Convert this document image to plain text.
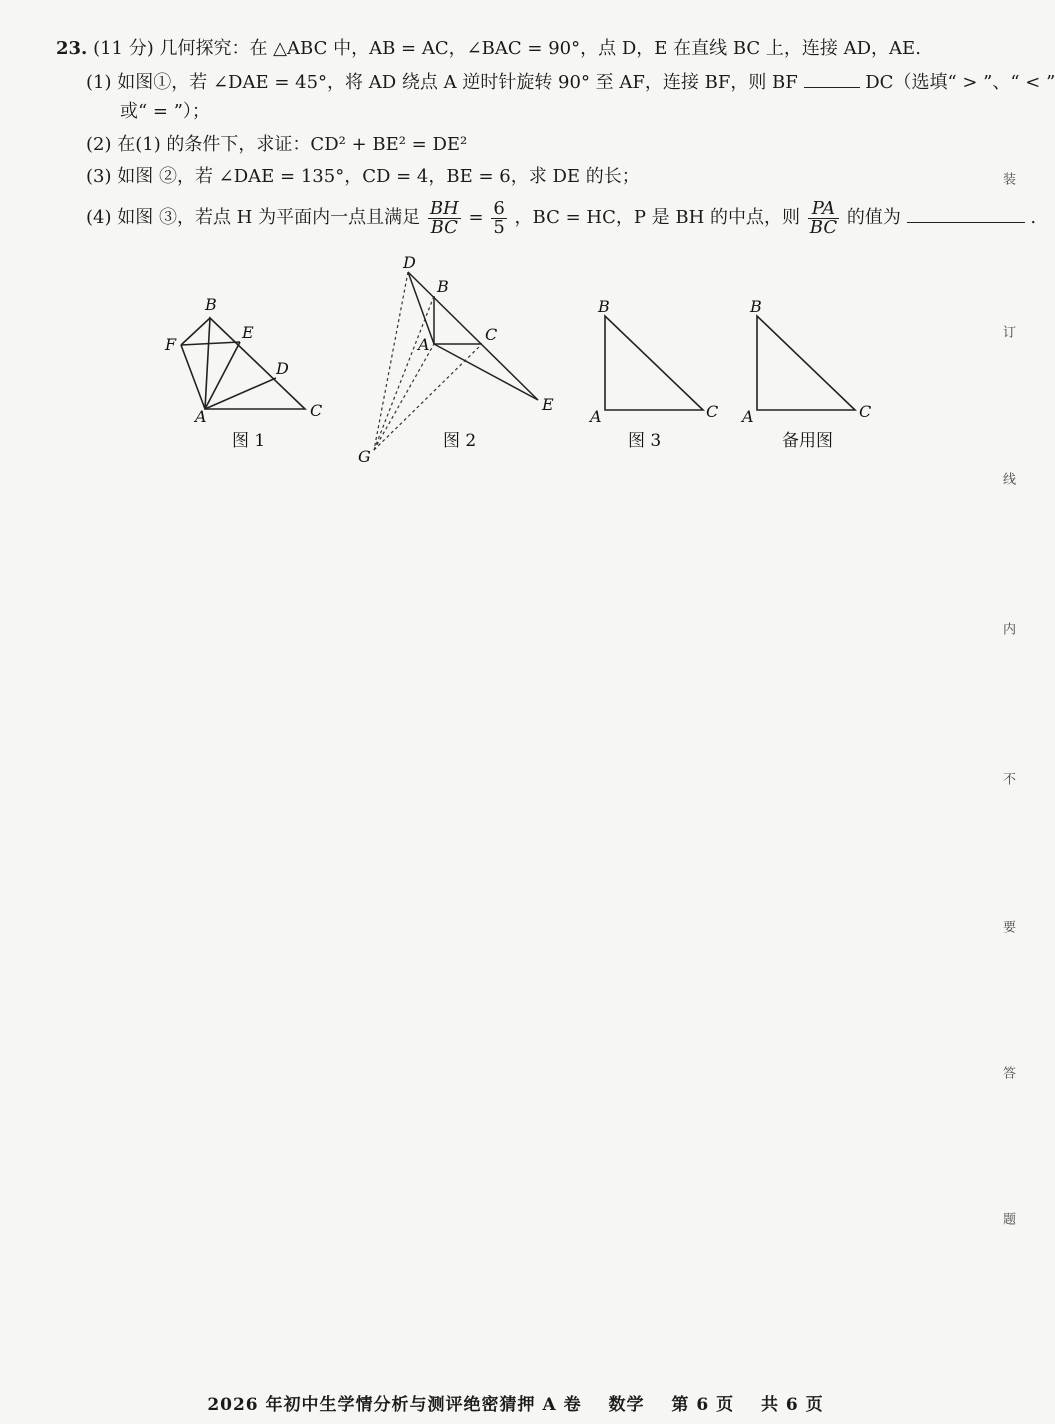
23. (11 分) 几何探究：在 △ABC 中，AB = AC，∠BAC = 90°，点 D，E 在直线 BC 上，连接 AD，AE.
(1) 如图①，若 ∠DAE = 45°，将 AD 绕点 A 逆时针旋转 90° 至 AF，连接 BF，则 BF	DC（选填“ > ”、“ < ”
或“ = ”）；
(2) 在(1) 的条件下，求证：CD² + BE² = DE²
(3) 如图 ②，若 ∠DAE = 135°，CD = 4，BE = 6，求 DE 的长；
(4) 如图 ③，若点 H 为平面内一点且满足 $\frac{BH}{BC} = \frac{6}{5}$ ，BC = HC，P 是 BH 的中点，则 $\frac{PA}{BC}$ 的值为	.
B
E
F
D
A	C
图 1
D
B
A
C
E
G
图 2
B
A	C
图 3
B
A	C
备用图
装
订
线
内
不
要
答
题
2026 年初中生学情分析与测评绝密猜押 A 卷 数学 第 6 页 共 6 页
